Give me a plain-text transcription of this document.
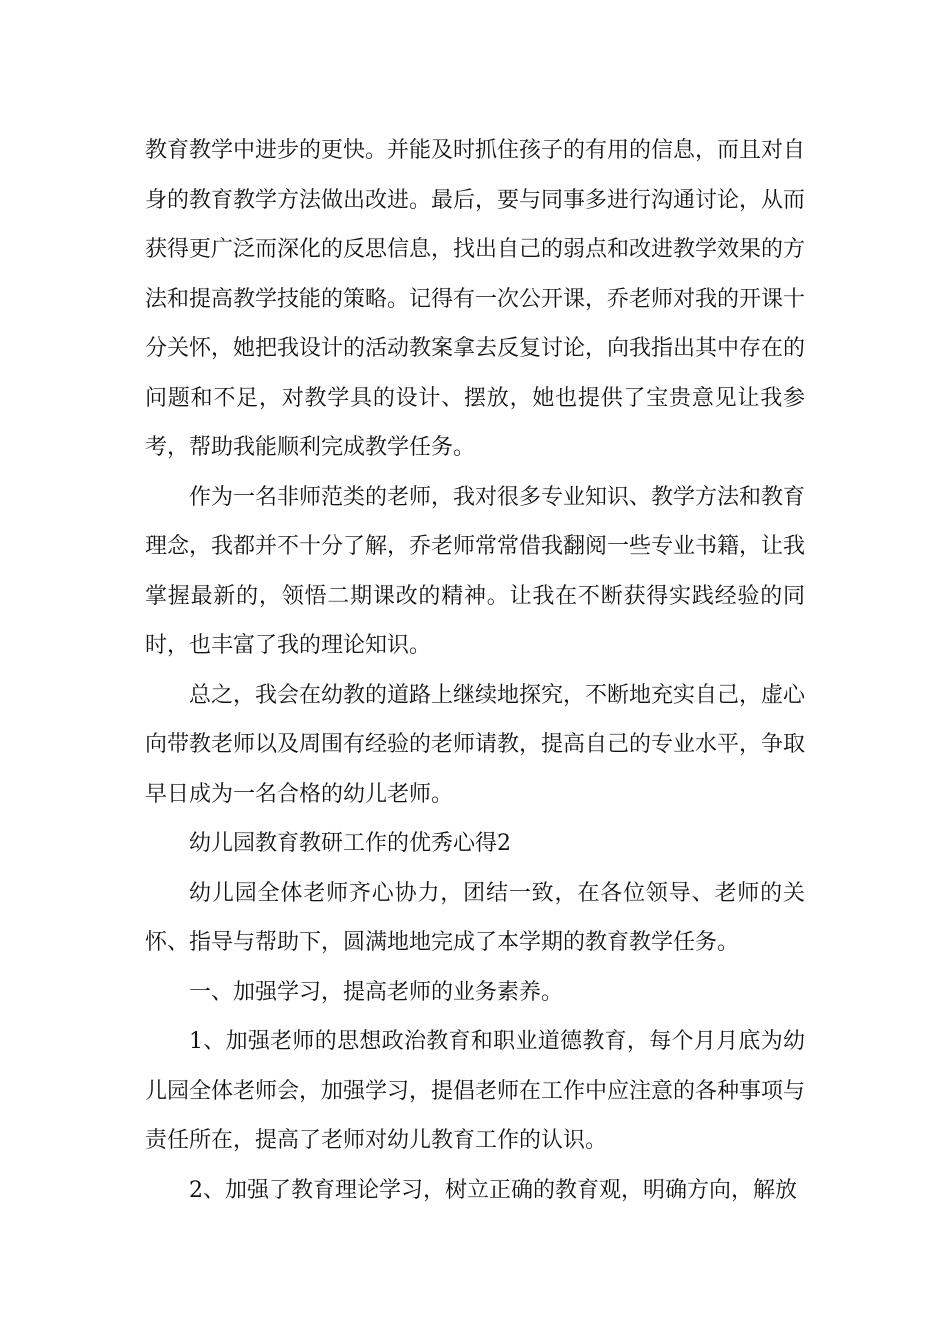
教育教学中进步的更快。并能及时抓住孩子的有用的信息，而且对自身的教育教学方法做出改进。最后，要与同事多进行沟通讨论，从而获得更广泛而深化的反思信息，找出自己的弱点和改进教学效果的方法和提高教学技能的策略。记得有一次公开课，乔老师对我的开课十分关怀，她把我设计的活动教案拿去反复讨论，向我指出其中存在的问题和不足，对教学具的设计、摆放，她也提供了宝贵意见让我参考，帮助我能顺利完成教学任务。

作为一名非师范类的老师，我对很多专业知识、教学方法和教育理念，我都并不十分了解，乔老师常常借我翻阅一些专业书籍，让我掌握最新的，领悟二期课改的精神。让我在不断获得实践经验的同时，也丰富了我的理论知识。

总之，我会在幼教的道路上继续地探究，不断地充实自己，虚心向带教老师以及周围有经验的老师请教，提高自己的专业水平，争取早日成为一名合格的幼儿老师。

幼儿园教育教研工作的优秀心得2

幼儿园全体老师齐心协力，团结一致，在各位领导、老师的关怀、指导与帮助下，圆满地地完成了本学期的教育教学任务。

一、加强学习，提高老师的业务素养。

1、加强老师的思想政治教育和职业道德教育，每个月月底为幼儿园全体老师会，加强学习，提倡老师在工作中应注意的各种事项与责任所在，提高了老师对幼儿教育工作的认识。

2、加强了教育理论学习，树立正确的教育观，明确方向，解放
